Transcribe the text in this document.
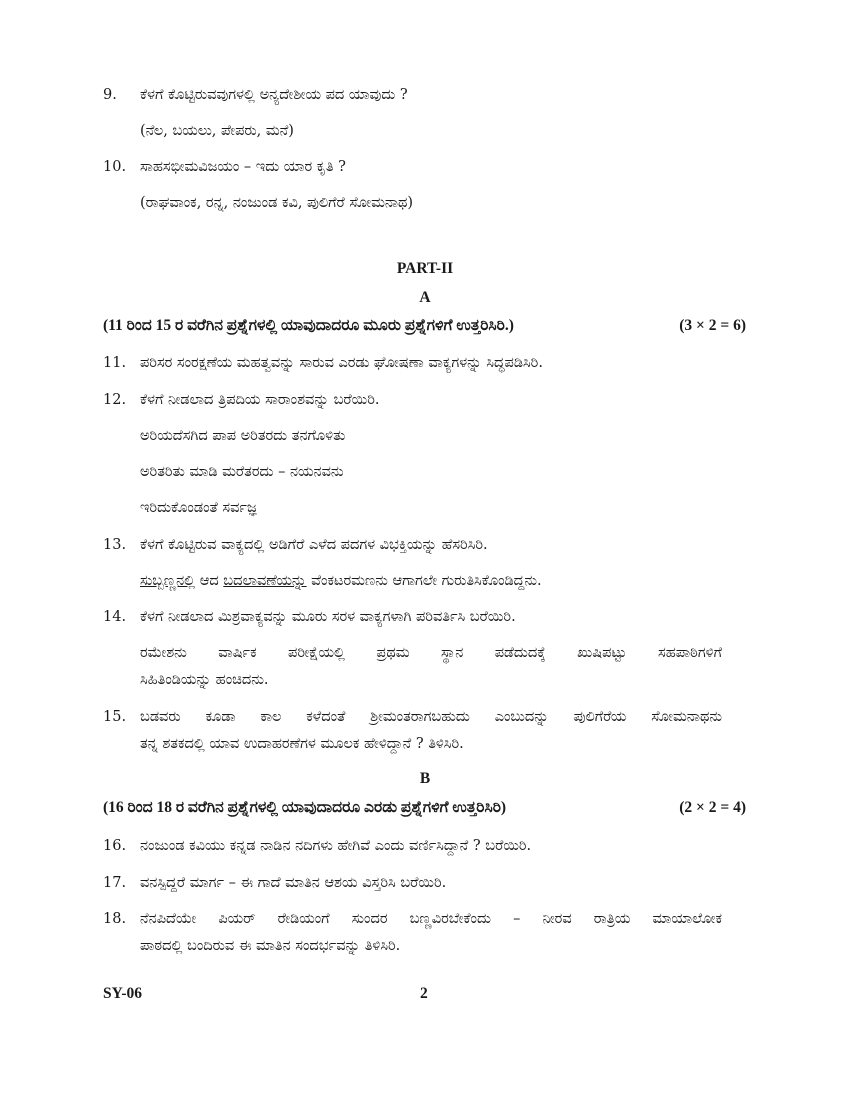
9. ಕೆಳಗೆ ಕೊಟ್ಟಿರುವವುಗಳಲ್ಲಿ ಅನ್ಯದೇಶೀಯ ಪದ ಯಾವುದು ?
(ನೆಲ, ಬಯಲು, ಪೇಪರು, ಮನೆ)
10. ಸಾಹಸಭೀಮವಿಜಯಂ – ಇದು ಯಾರ ಕೃತಿ ?
(ರಾಘವಾಂಕ, ರನ್ನ, ನಂಜುಂಡ ಕವಿ, ಪುಲಿಗೆರೆ ಸೋಮನಾಥ)
PART-II
A
(11 ರಿಂದ 15 ರ ವರೆಗಿನ ಪ್ರಶ್ನೆಗಳಲ್ಲಿ ಯಾವುದಾದರೂ ಮೂರು ಪ್ರಶ್ನೆಗಳಿಗೆ ಉತ್ತರಿಸಿರಿ.)	(3 × 2 = 6)
11. ಪರಿಸರ ಸಂರಕ್ಷಣೆಯ ಮಹತ್ವವನ್ನು ಸಾರುವ ಎರಡು ಘೋಷಣಾ ವಾಕ್ಯಗಳನ್ನು ಸಿದ್ಧಪಡಿಸಿರಿ.
12. ಕೆಳಗೆ ನೀಡಲಾದ ತ್ರಿಪದಿಯ ಸಾರಾಂಶವನ್ನು ಬರೆಯಿರಿ.
ಅರಿಯದೆಸಗಿದ ಪಾಪ ಅರಿತರದು ತನಗೊಳಿತು
ಅರಿತರಿತು ಮಾಡಿ ಮರೆತರದು – ನಯನವನು
ಇರಿದುಕೊಂಡಂತೆ ಸರ್ವಜ್ಞ
13. ಕೆಳಗೆ ಕೊಟ್ಟಿರುವ ವಾಕ್ಯದಲ್ಲಿ ಅಡಿಗೆರೆ ಎಳೆದ ಪದಗಳ ವಿಭಕ್ತಿಯನ್ನು ಹೆಸರಿಸಿರಿ.
ಸುಬ್ಬಣ್ಣನಲ್ಲಿ ಆದ ಬದಲಾವಣೆಯನ್ನು ವೆಂಕಟರಮಣನು ಆಗಾಗಲೇ ಗುರುತಿಸಿಕೊಂಡಿದ್ದನು.
14. ಕೆಳಗೆ ನೀಡಲಾದ ಮಿಶ್ರವಾಕ್ಯವನ್ನು ಮೂರು ಸರಳ ವಾಕ್ಯಗಳಾಗಿ ಪರಿವರ್ತಿಸಿ ಬರೆಯಿರಿ.
ರಮೇಶನು ವಾರ್ಷಿಕ ಪರೀಕ್ಷೆಯಲ್ಲಿ ಪ್ರಥಮ ಸ್ಥಾನ ಪಡೆದುದಕ್ಕೆ ಖುಷಿಪಟ್ಟು ಸಹಪಾಠಿಗಳಿಗೆ
ಸಿಹಿತಿಂಡಿಯನ್ನು ಹಂಚಿದನು.
15. ಬಡವರು ಕೂಡಾ ಕಾಲ ಕಳೆದಂತೆ ಶ್ರೀಮಂತರಾಗಬಹುದು ಎಂಬುದನ್ನು ಪುಲಿಗೆರೆಯ ಸೋಮನಾಥನು
ತನ್ನ ಶತಕದಲ್ಲಿ ಯಾವ ಉದಾಹರಣೆಗಳ ಮೂಲಕ ಹೇಳಿದ್ದಾನೆ ? ತಿಳಿಸಿರಿ.
B
(16 ರಿಂದ 18 ರ ವರೆಗಿನ ಪ್ರಶ್ನೆಗಳಲ್ಲಿ ಯಾವುದಾದರೂ ಎರಡು ಪ್ರಶ್ನೆಗಳಿಗೆ ಉತ್ತರಿಸಿರಿ)	(2 × 2 = 4)
16. ನಂಜುಂಡ ಕವಿಯು ಕನ್ನಡ ನಾಡಿನ ನದಿಗಳು ಹೇಗಿವೆ ಎಂದು ವರ್ಣಿಸಿದ್ದಾನೆ ? ಬರೆಯಿರಿ.
17. ವನಸ್ಪಿದ್ದರೆ ಮಾರ್ಗ – ಈ ಗಾದೆ ಮಾತಿನ ಆಶಯ ವಿಸ್ತರಿಸಿ ಬರೆಯಿರಿ.
18. ನೆನಪಿದೆಯೇ ಪಿಯರ್ ರೇಡಿಯಂಗೆ ಸುಂದರ ಬಣ್ಣವಿರಬೇಕೆಂದು – ನೀರವ ರಾತ್ರಿಯ ಮಾಯಾಲೋಕ
ಪಾಠದಲ್ಲಿ ಬಂದಿರುವ ಈ ಮಾತಿನ ಸಂದರ್ಭವನ್ನು ತಿಳಿಸಿರಿ.
SY-06	2
